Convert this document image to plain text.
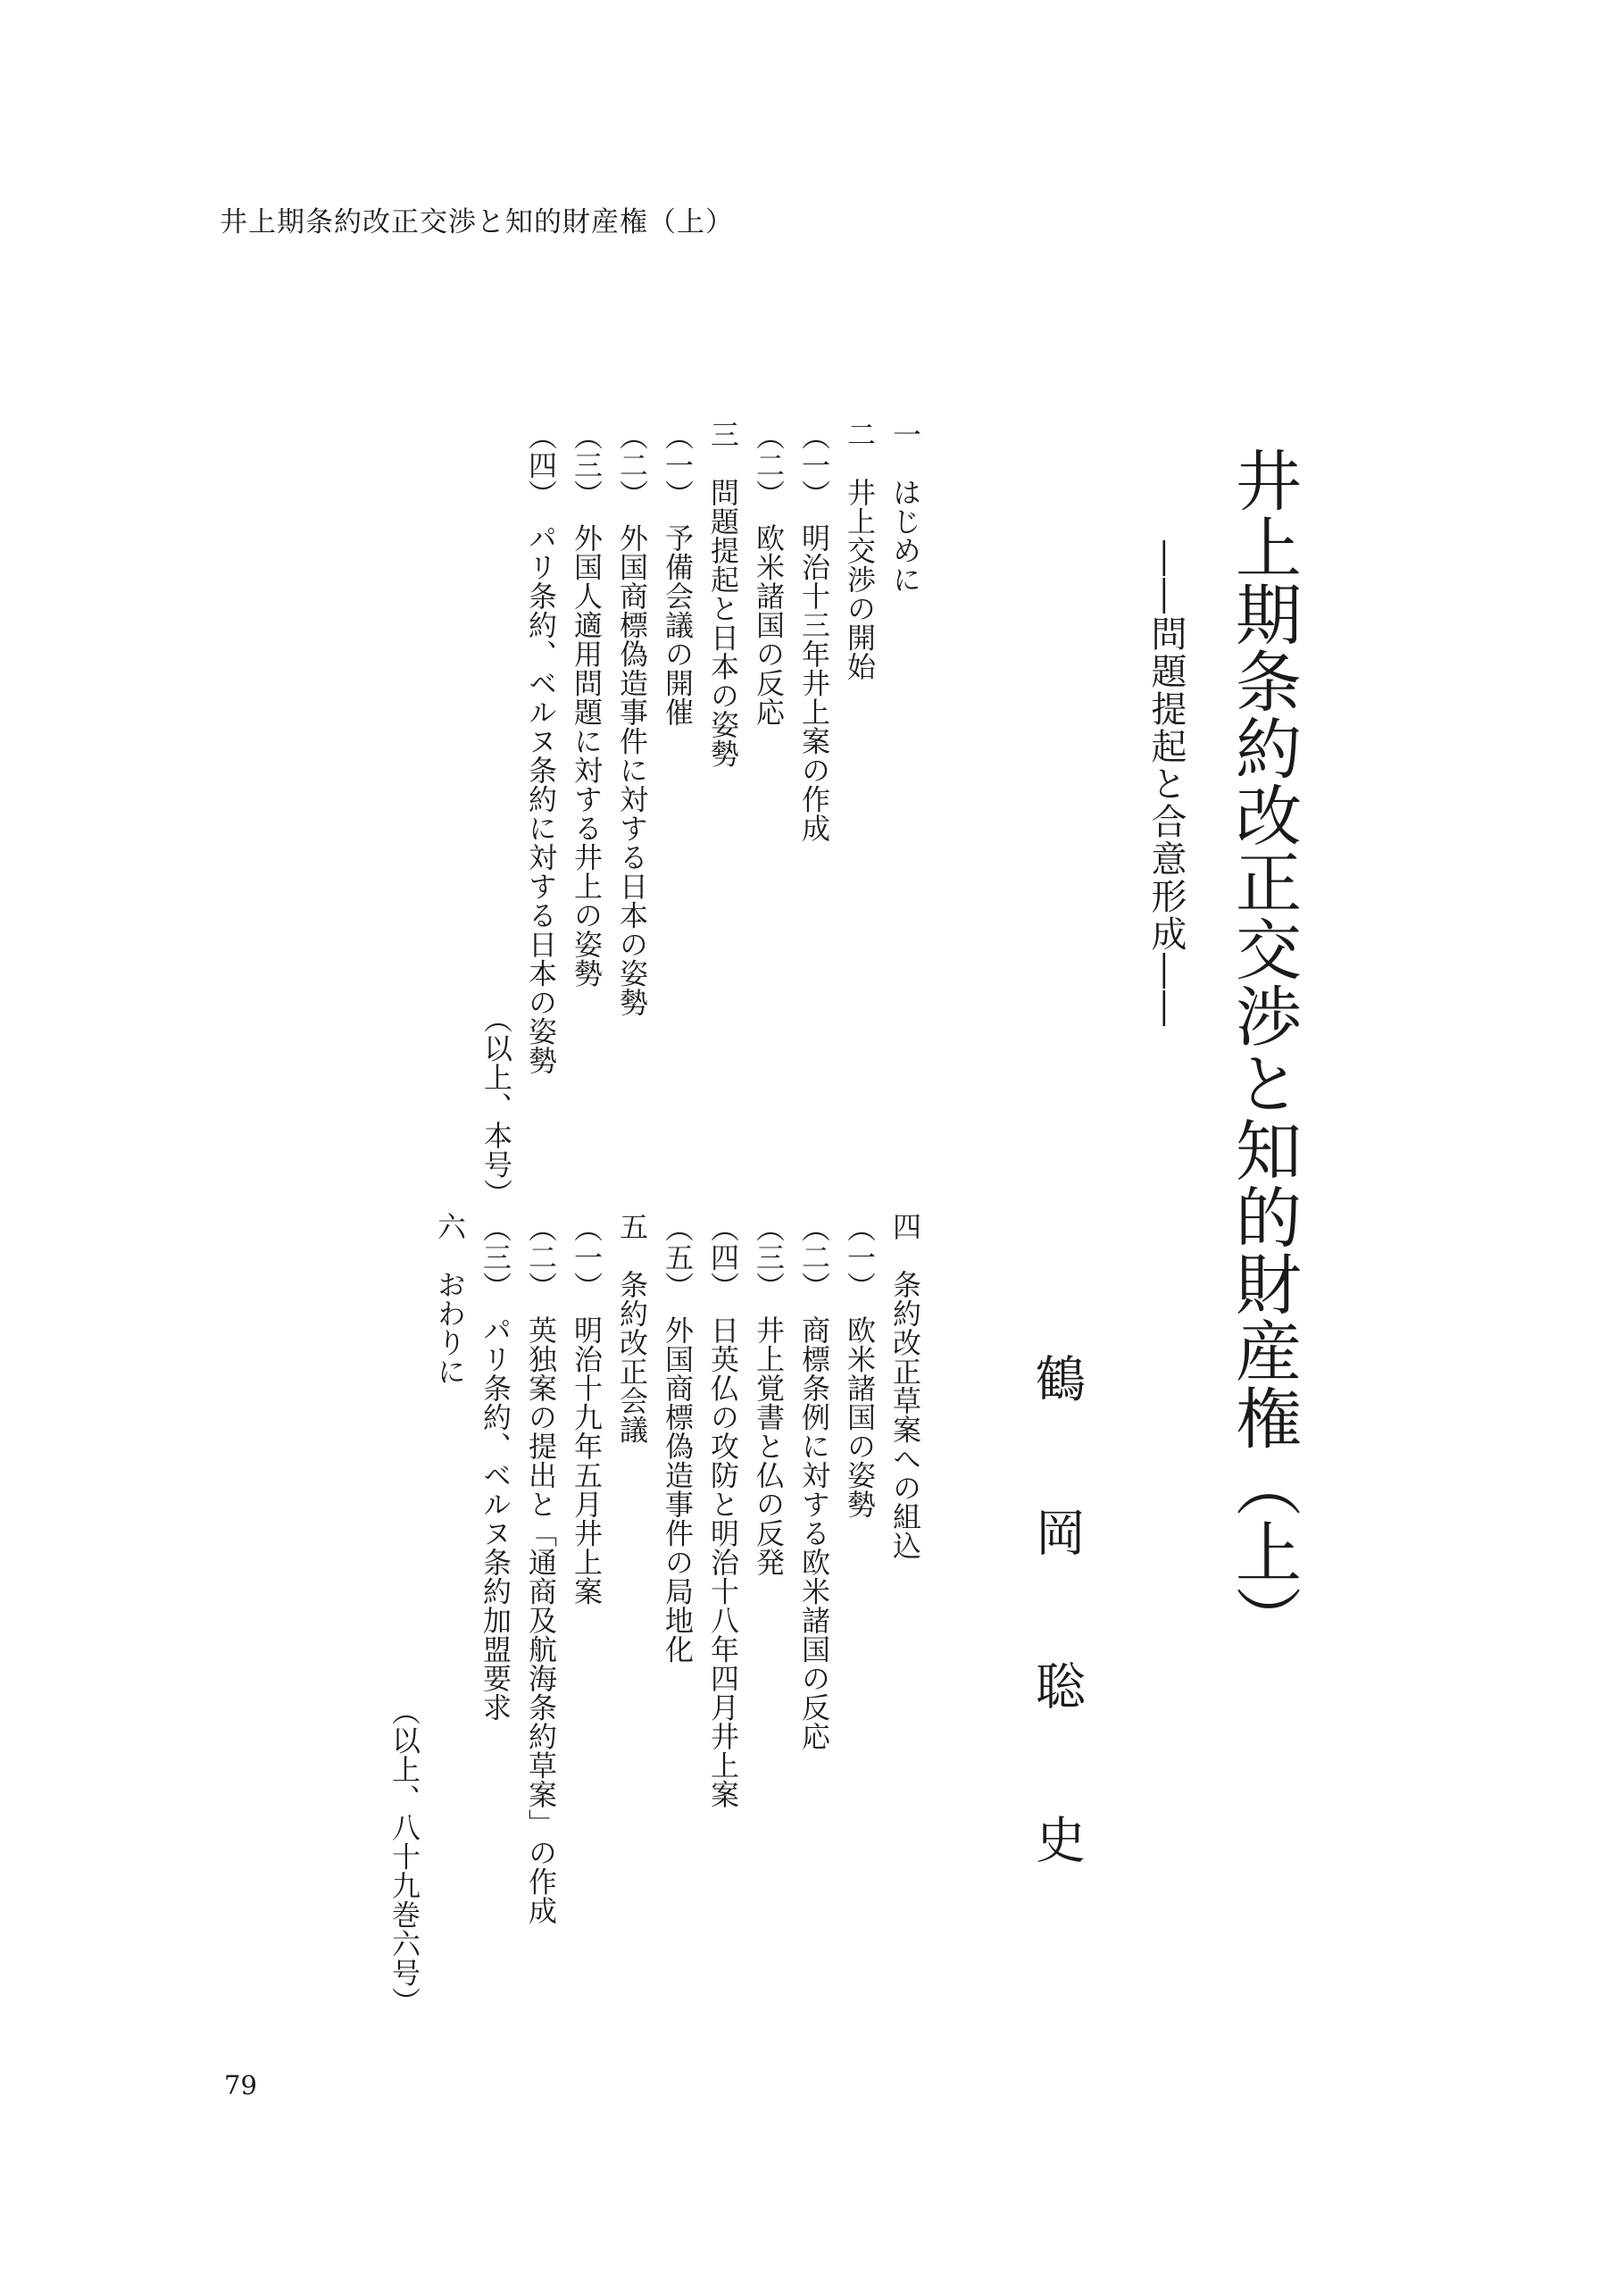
井上期条約改正交渉と知的財産権（上）
井上期条約改正交渉と知的財産権（上）
――問題提起と合意形成――
鶴岡聡史
一　はじめに
二　井上交渉の開始
（一）　明治十三年井上案の作成
（二）　欧米諸国の反応
三　問題提起と日本の姿勢
（一）　予備会議の開催
（二）　外国商標偽造事件に対する日本の姿勢
（三）　外国人適用問題に対する井上の姿勢
（四）　パリ条約、ベルヌ条約に対する日本の姿勢
（以上、本号）
四　条約改正草案への組込
（一）　欧米諸国の姿勢
（二）　商標条例に対する欧米諸国の反応
（三）　井上覚書と仏の反発
（四）　日英仏の攻防と明治十八年四月井上案
（五）　外国商標偽造事件の局地化
五　条約改正会議
（一）　明治十九年五月井上案
（二）　英独案の提出と「通商及航海条約草案」の作成
（三）　パリ条約、ベルヌ条約加盟要求
六　おわりに
（以上、八十九巻六号）
79
